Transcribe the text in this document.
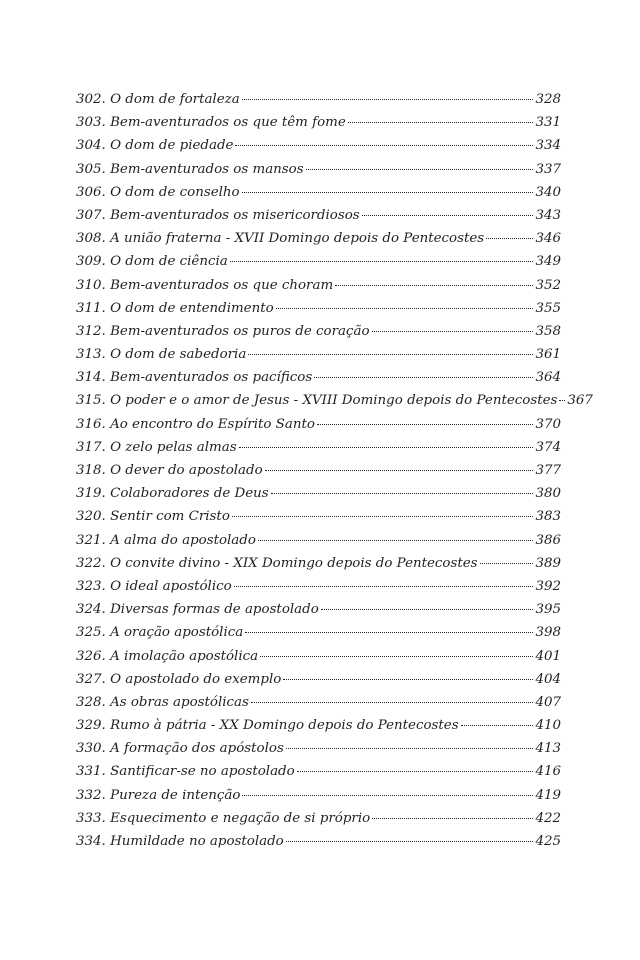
302. O dom de fortaleza	328
303. Bem-aventurados os que têm fome	331
304. O dom de piedade	334
305. Bem-aventurados os mansos	337
306. O dom de conselho	340
307. Bem-aventurados os misericordiosos	343
308. A união fraterna - XVII Domingo depois do Pentecostes	346
309. O dom de ciência	349
310. Bem-aventurados os que choram	352
311. O dom de entendimento	355
312. Bem-aventurados os puros de coração	358
313. O dom de sabedoria	361
314. Bem-aventurados os pacíficos	364
315. O poder e o amor de Jesus - XVIII Domingo depois do Pentecostes 367
316. Ao encontro do Espírito Santo	370
317. O zelo pelas almas	374
318. O dever do apostolado	377
319. Colaboradores de Deus	380
320. Sentir com Cristo	383
321. A alma do apostolado	386
322. O convite divino - XIX Domingo depois do Pentecostes	389
323. O ideal apostólico	392
324. Diversas formas de apostolado	395
325. A oração apostólica	398
326. A imolação apostólica	401
327. O apostolado do exemplo	404
328. As obras apostólicas	407
329. Rumo à pátria - XX Domingo depois do Pentecostes	410
330. A formação dos apóstolos	413
331. Santificar-se no apostolado	416
332. Pureza de intenção	419
333. Esquecimento e negação de si próprio	422
334. Humildade no apostolado	425
